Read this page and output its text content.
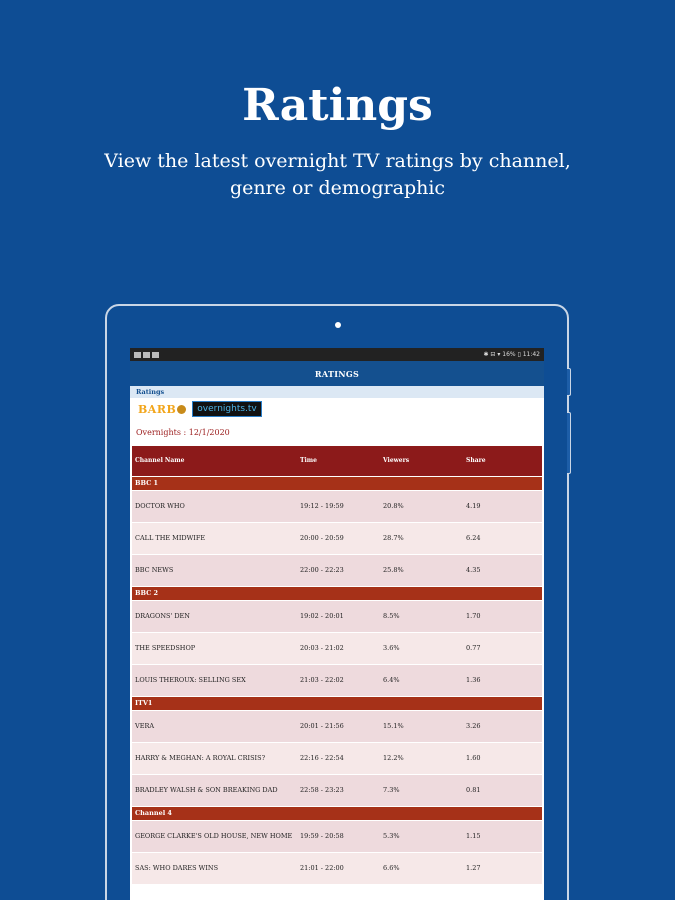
Ratings
View the latest overnight TV ratings by channel, genre or demographic
✱ ⊟ ▾ 16% ▯ 11:42
RATINGS
Ratings
BARB	overnights.tv
Overnights : 12/1/2020
Channel Name	Time	Viewers	Share
BBC 1			
DOCTOR WHO	19:12 - 19:59	20.8%	4.19
CALL THE MIDWIFE	20:00 - 20:59	28.7%	6.24
BBC NEWS	22:00 - 22:23	25.8%	4.35
BBC 2			
DRAGONS' DEN	19:02 - 20:01	8.5%	1.70
THE SPEEDSHOP	20:03 - 21:02	3.6%	0.77
LOUIS THEROUX: SELLING SEX	21:03 - 22:02	6.4%	1.36
ITV1			
VERA	20:01 - 21:56	15.1%	3.26
HARRY & MEGHAN: A ROYAL CRISIS?	22:16 - 22:54	12.2%	1.60
BRADLEY WALSH & SON BREAKING DAD	22:58 - 23:23	7.3%	0.81
Channel 4			
GEORGE CLARKE'S OLD HOUSE, NEW HOME	19:59 - 20:58	5.3%	1.15
SAS: WHO DARES WINS	21:01 - 22:00	6.6%	1.27
